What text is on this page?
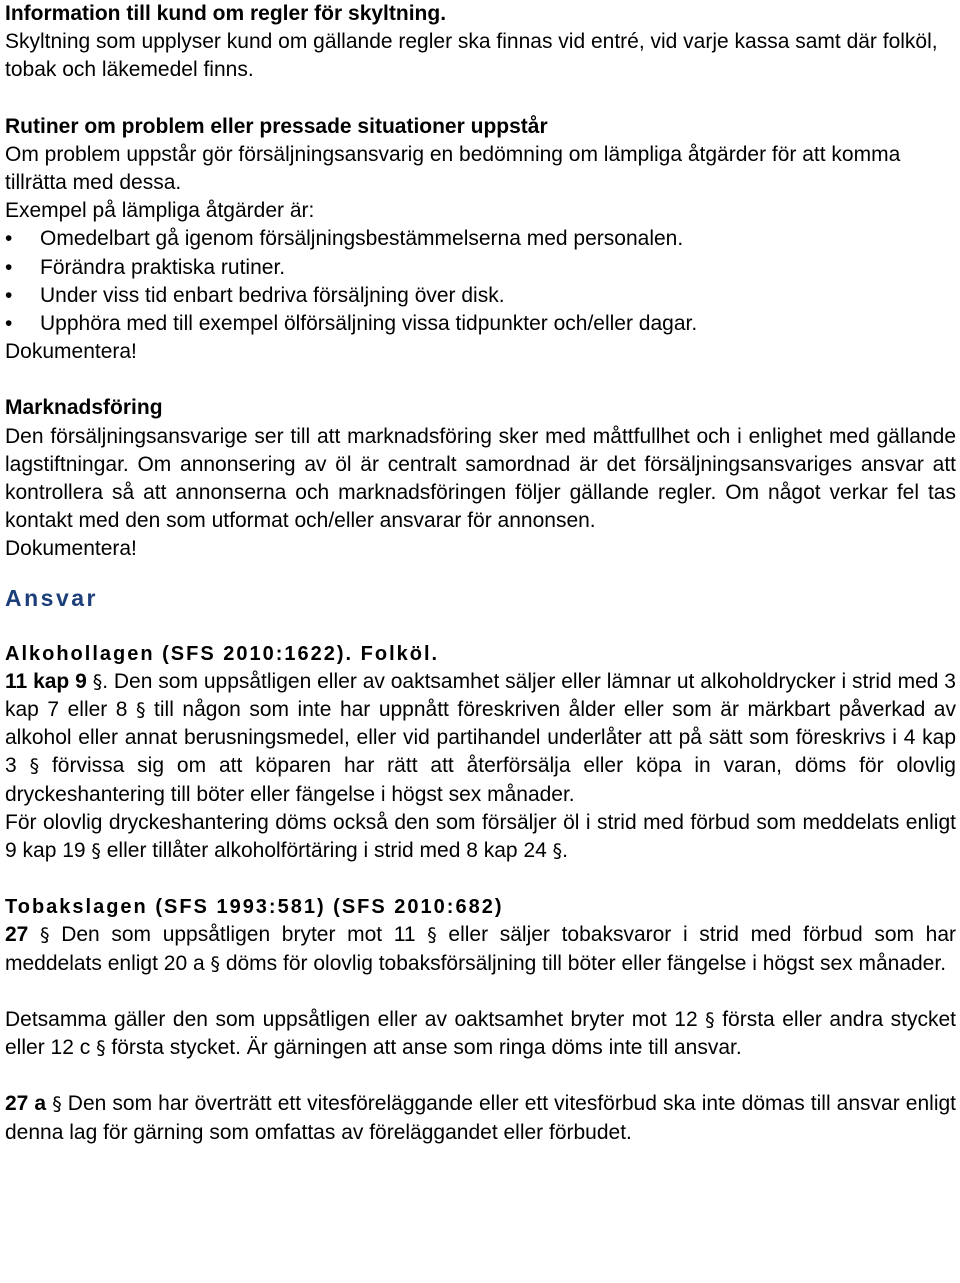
Information till kund om regler för skyltning.

Skyltning som upplyser kund om gällande regler ska finnas vid entré, vid varje kassa samt där folköl, tobak och läkemedel finns.

Rutiner om problem eller pressade situationer uppstår

Om problem uppstår gör försäljningsansvarig en bedömning om lämpliga åtgärder för att komma tillrätta med dessa.

Exempel på lämpliga åtgärder är:

• Omedelbart gå igenom försäljningsbestämmelserna med personalen.
• Förändra praktiska rutiner.
• Under viss tid enbart bedriva försäljning över disk.
• Upphöra med till exempel ölförsäljning vissa tidpunkter och/eller dagar.

Dokumentera!

Marknadsföring

Den försäljningsansvarige ser till att marknadsföring sker med måttfullhet och i enlighet med gällande lagstiftningar. Om annonsering av öl är centralt samordnad är det försäljningsansvariges ansvar att kontrollera så att annonserna och marknadsföringen följer gällande regler. Om något verkar fel tas kontakt med den som utformat och/eller ansvarar för annonsen.

Dokumentera!

Ansvar

Alkohollagen (SFS 2010:1622). Folköl.

11 kap 9 §. Den som uppsåtligen eller av oaktsamhet säljer eller lämnar ut alkoholdrycker i strid med 3 kap 7 eller 8 § till någon som inte har uppnått föreskriven ålder eller som är märkbart påverkad av alkohol eller annat berusningsmedel, eller vid partihandel underlåter att på sätt som föreskrivs i 4 kap 3 § förvissa sig om att köparen har rätt att återförsälja eller köpa in varan, döms för olovlig dryckeshantering till böter eller fängelse i högst sex månader.

För olovlig dryckeshantering döms också den som försäljer öl i strid med förbud som meddelats enligt 9 kap 19 § eller tillåter alkoholförtäring i strid med 8 kap 24 §.

Tobakslagen (SFS 1993:581) (SFS 2010:682)

27 § Den som uppsåtligen bryter mot 11 § eller säljer tobaksvaror i strid med förbud som har meddelats enligt 20 a § döms för olovlig tobaksförsäljning till böter eller fängelse i högst sex månader.

Detsamma gäller den som uppsåtligen eller av oaktsamhet bryter mot 12 § första eller andra stycket eller 12 c § första stycket. Är gärningen att anse som ringa döms inte till ansvar.

27 a § Den som har överträtt ett vitesföreläggande eller ett vitesförbud ska inte dömas till ansvar enligt denna lag för gärning som omfattas av föreläggandet eller förbudet.
